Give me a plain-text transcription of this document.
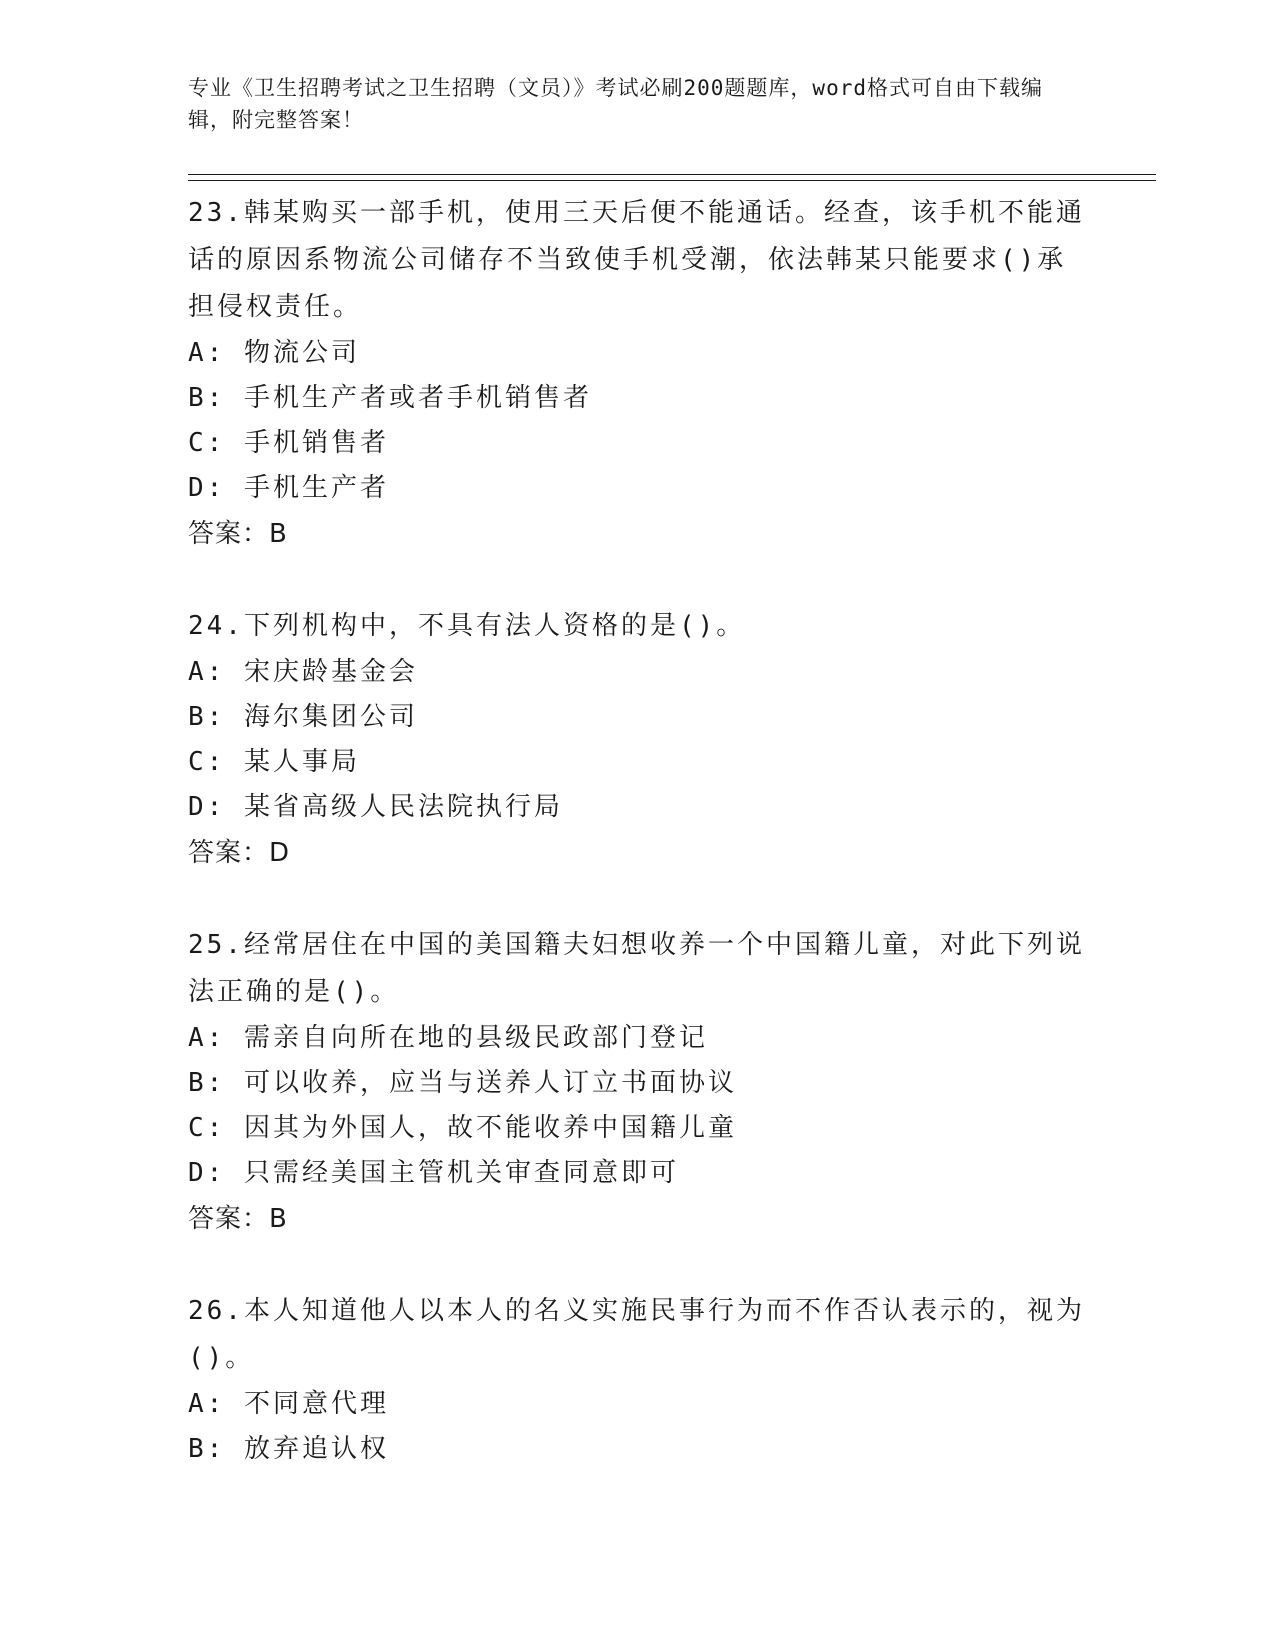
专业《卫生招聘考试之卫生招聘（文员）》考试必刷200题题库，word格式可自由下载编辑，附完整答案！
23.韩某购买一部手机，使用三天后便不能通话。经查，该手机不能通话的原因系物流公司储存不当致使手机受潮，依法韩某只能要求()承担侵权责任。
A: 物流公司
B: 手机生产者或者手机销售者
C: 手机销售者
D: 手机生产者
答案：B
24.下列机构中，不具有法人资格的是()。
A: 宋庆龄基金会
B: 海尔集团公司
C: 某人事局
D: 某省高级人民法院执行局
答案：D
25.经常居住在中国的美国籍夫妇想收养一个中国籍儿童，对此下列说法正确的是()。
A: 需亲自向所在地的县级民政部门登记
B: 可以收养，应当与送养人订立书面协议
C: 因其为外国人，故不能收养中国籍儿童
D: 只需经美国主管机关审查同意即可
答案：B
26.本人知道他人以本人的名义实施民事行为而不作否认表示的，视为()。
A: 不同意代理
B: 放弃追认权
